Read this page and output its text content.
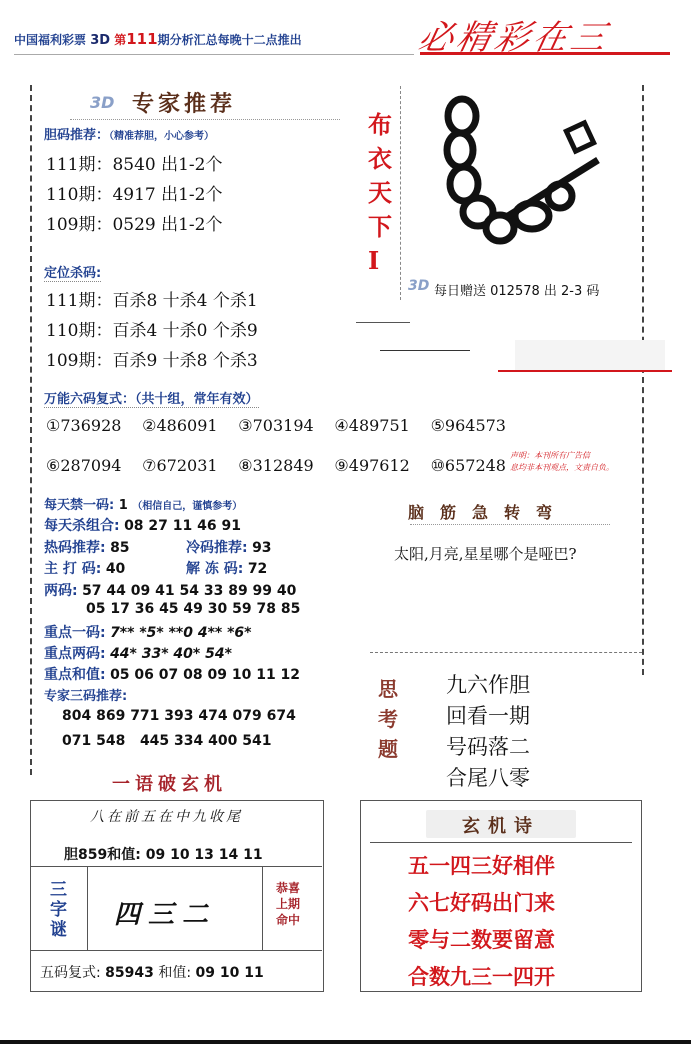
中国福利彩票 3D 第111期分析汇总每晚十二点推出	必精彩在三
3D 专家推荐
胆码推荐：（精准荐胆，小心参考）
111期：8540 出1-2个
110期：4917 出1-2个
109期：0529 出1-2个
定位杀码:
111期：百杀8 十杀4 个杀1
110期：百杀4 十杀0 个杀9
109期：百杀9 十杀8 个杀3
万能六码复式：（共十组，常年有效）
①736928 ②486091 ③703194 ④489751 ⑤964573
⑥287094 ⑦672031 ⑧312849 ⑨497612 ⑩657248
布
衣
天
下
I
3D 每日赠送 012578 出 2-3 码
声明：本刊所有广告信
息均非本刊观点，文责自负。
每天禁一码: 1 （相信自己，谨慎参考）
每天杀组合: 08 27 11 46 91
热码推荐: 85	冷码推荐: 93
主 打 码: 40	解 冻 码: 72
两码: 57 44 09 41 54 33 89 99 40
05 17 36 45 49 30 59 78 85
重点一码: 7** *5* **0 4** *6*
重点两码: 44* 33* 40* 54*
重点和值: 05 06 07 08 09 10 11 12
专家三码推荐:
804 869 771 393 474 079 674
071 548   445 334 400 541
脑筋急转弯
太阳,月亮,星星哪个是哑巴?
思
考
题
九六作胆
回看一期
号码落二
合尾八零
一语破玄机
八在前五在中九收尾
胆859和值: 09 10 13 14 11
三
字
谜 四三二
恭喜
上期
命中
五码复式: 85943 和值: 09 10 11
玄机诗
五一四三好相伴
六七好码出门来
零与二数要留意
合数九三一四开
